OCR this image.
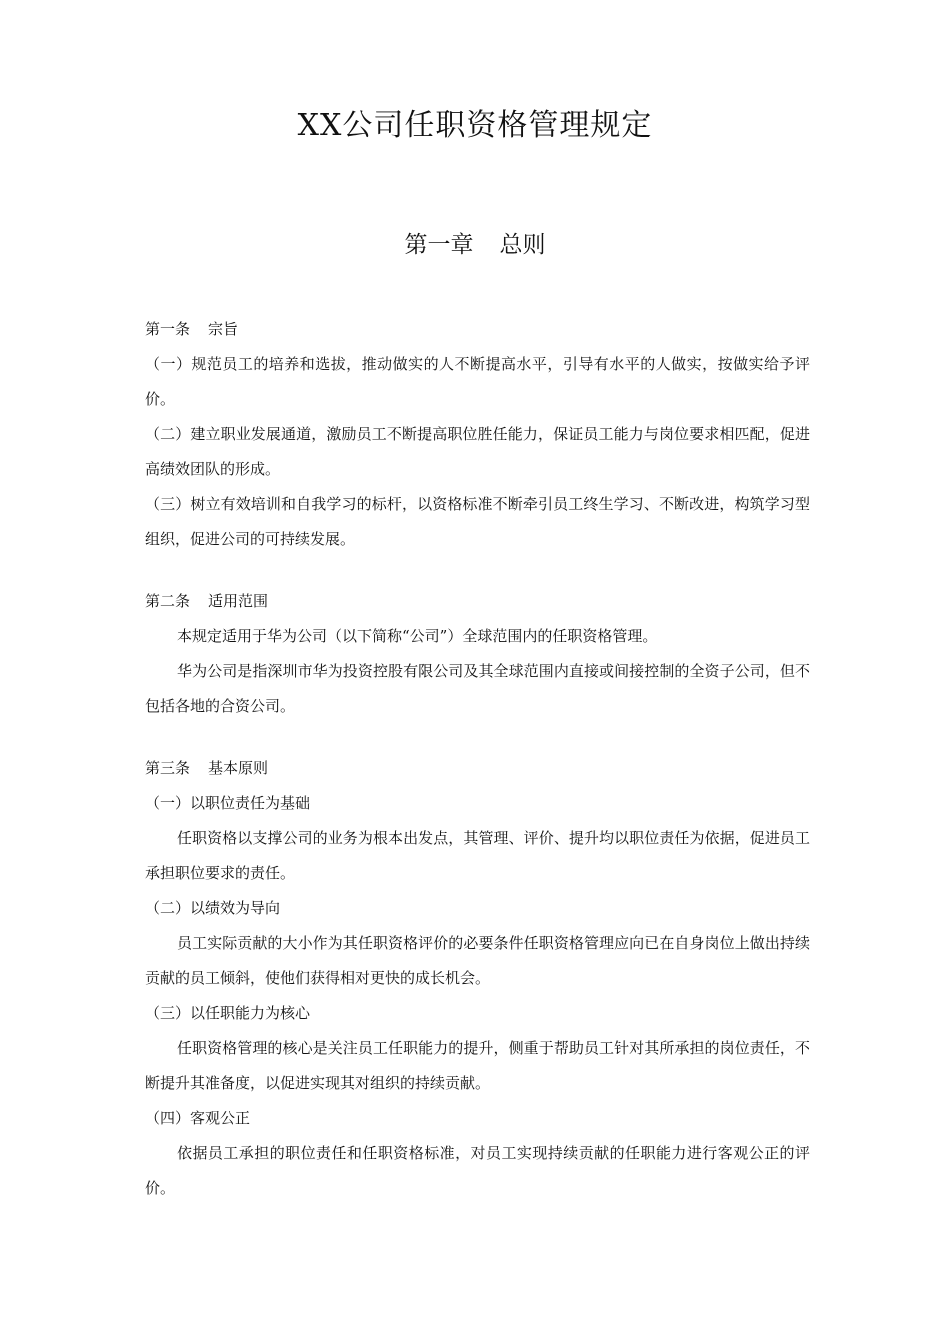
XX公司任职资格管理规定
第一章 总则

第一条 宗旨

（一）规范员工的培养和选拔，推动做实的人不断提高水平，引导有水平的人做实，按做实给予评价。

（二）建立职业发展通道，激励员工不断提高职位胜任能力，保证员工能力与岗位要求相匹配，促进高绩效团队的形成。

（三）树立有效培训和自我学习的标杆，以资格标准不断牵引员工终生学习、不断改进，构筑学习型组织，促进公司的可持续发展。

第二条 适用范围

本规定适用于华为公司（以下简称“公司”）全球范围内的任职资格管理。

华为公司是指深圳市华为投资控股有限公司及其全球范围内直接或间接控制的全资子公司，但不包括各地的合资公司。

第三条 基本原则

（一）以职位责任为基础

任职资格以支撑公司的业务为根本出发点，其管理、评价、提升均以职位责任为依据，促进员工承担职位要求的责任。

（二）以绩效为导向

员工实际贡献的大小作为其任职资格评价的必要条件任职资格管理应向已在自身岗位上做出持续贡献的员工倾斜，使他们获得相对更快的成长机会。

（三）以任职能力为核心

任职资格管理的核心是关注员工任职能力的提升，侧重于帮助员工针对其所承担的岗位责任，不断提升其准备度，以促进实现其对组织的持续贡献。

（四）客观公正

依据员工承担的职位责任和任职资格标准，对员工实现持续贡献的任职能力进行客观公正的评价。
